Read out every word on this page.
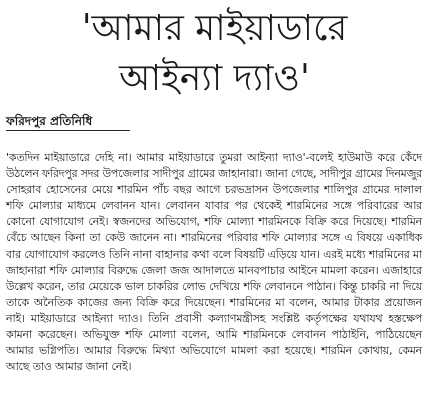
'আমার মাইয়াডারে
আইন্যা দ্যাও'
ফরিদপুর প্রতিনিধি
'কতদিন মাইয়াডারে দেহি না। আমার মাইয়াডারে তুমরা আইন্যা দ্যাও'-বলেই হাউমাউ করে কেঁদে উঠলেন ফরিদপুর সদর উপজেলার সাদীপুর গ্রামের জাহানারা। জানা গেছে, সাদীপুর গ্রামের দিনমজুর সোহরাব হোসেনের মেয়ে শারমিন পাঁচ বছর আগে চরভদ্রাসন উপজেলার শালিপুর গ্রামের দালাল শফি মোল্যার মাধ্যমে লেবানন যান। লেবানন যাবার পর থেকেই শারমিনের সঙ্গে পরিবারের আর কোনো যোগাযোগ নেই। স্বজনদের অভিযোগ, শফি মোল্যা শারমিনকে বিক্রি করে দিয়েছে। শারমিন বেঁচে আছেন কিনা তা কেউ জানেন না। শারমিনের পরিবার শফি মোল্যার সঙ্গে এ বিষয়ে একাধিক বার যোগাযোগ করলেও তিনি নানা বাহানার কথা বলে বিষয়টি এড়িয়ে যান। এরই মধ্যে শারমিনের মা জাহানারা শফি মোল্যার বিরুদ্ধে জেলা জজ আদালতে মানবপাচার আইনে মামলা করেন। এজাহারে উল্লেখ করেন, তার মেয়েকে ভাল চাকরির লোভ দেখিয়ে শফি লেবাননে পাঠান। কিন্তু চাকরি না দিয়ে তাকে অনৈতিক কাজের জন্য বিক্রি করে দিয়েছেন। শারমিনের মা বলেন, আমার টাকার প্রয়োজন নাই। মাইয়াডারে আইন্যা দ্যাও। তিনি প্রবাসী কল্যাণমন্ত্রীসহ সংশ্লিষ্ট কর্তৃপক্ষের যথাযথ হস্তক্ষেপ কামনা করেছেন। অভিযুক্ত শফি মোল্যা বলেন, আমি শারমিনকে লেবানন পাঠাইনি, পাঠিয়েছেন আমার ভগ্নিপতি। আমার বিরুদ্ধে মিথ্যা অভিযোগে মামলা করা হয়েছে। শারমিন কোথায়, কেমন আছে তাও আমার জানা নেই।
